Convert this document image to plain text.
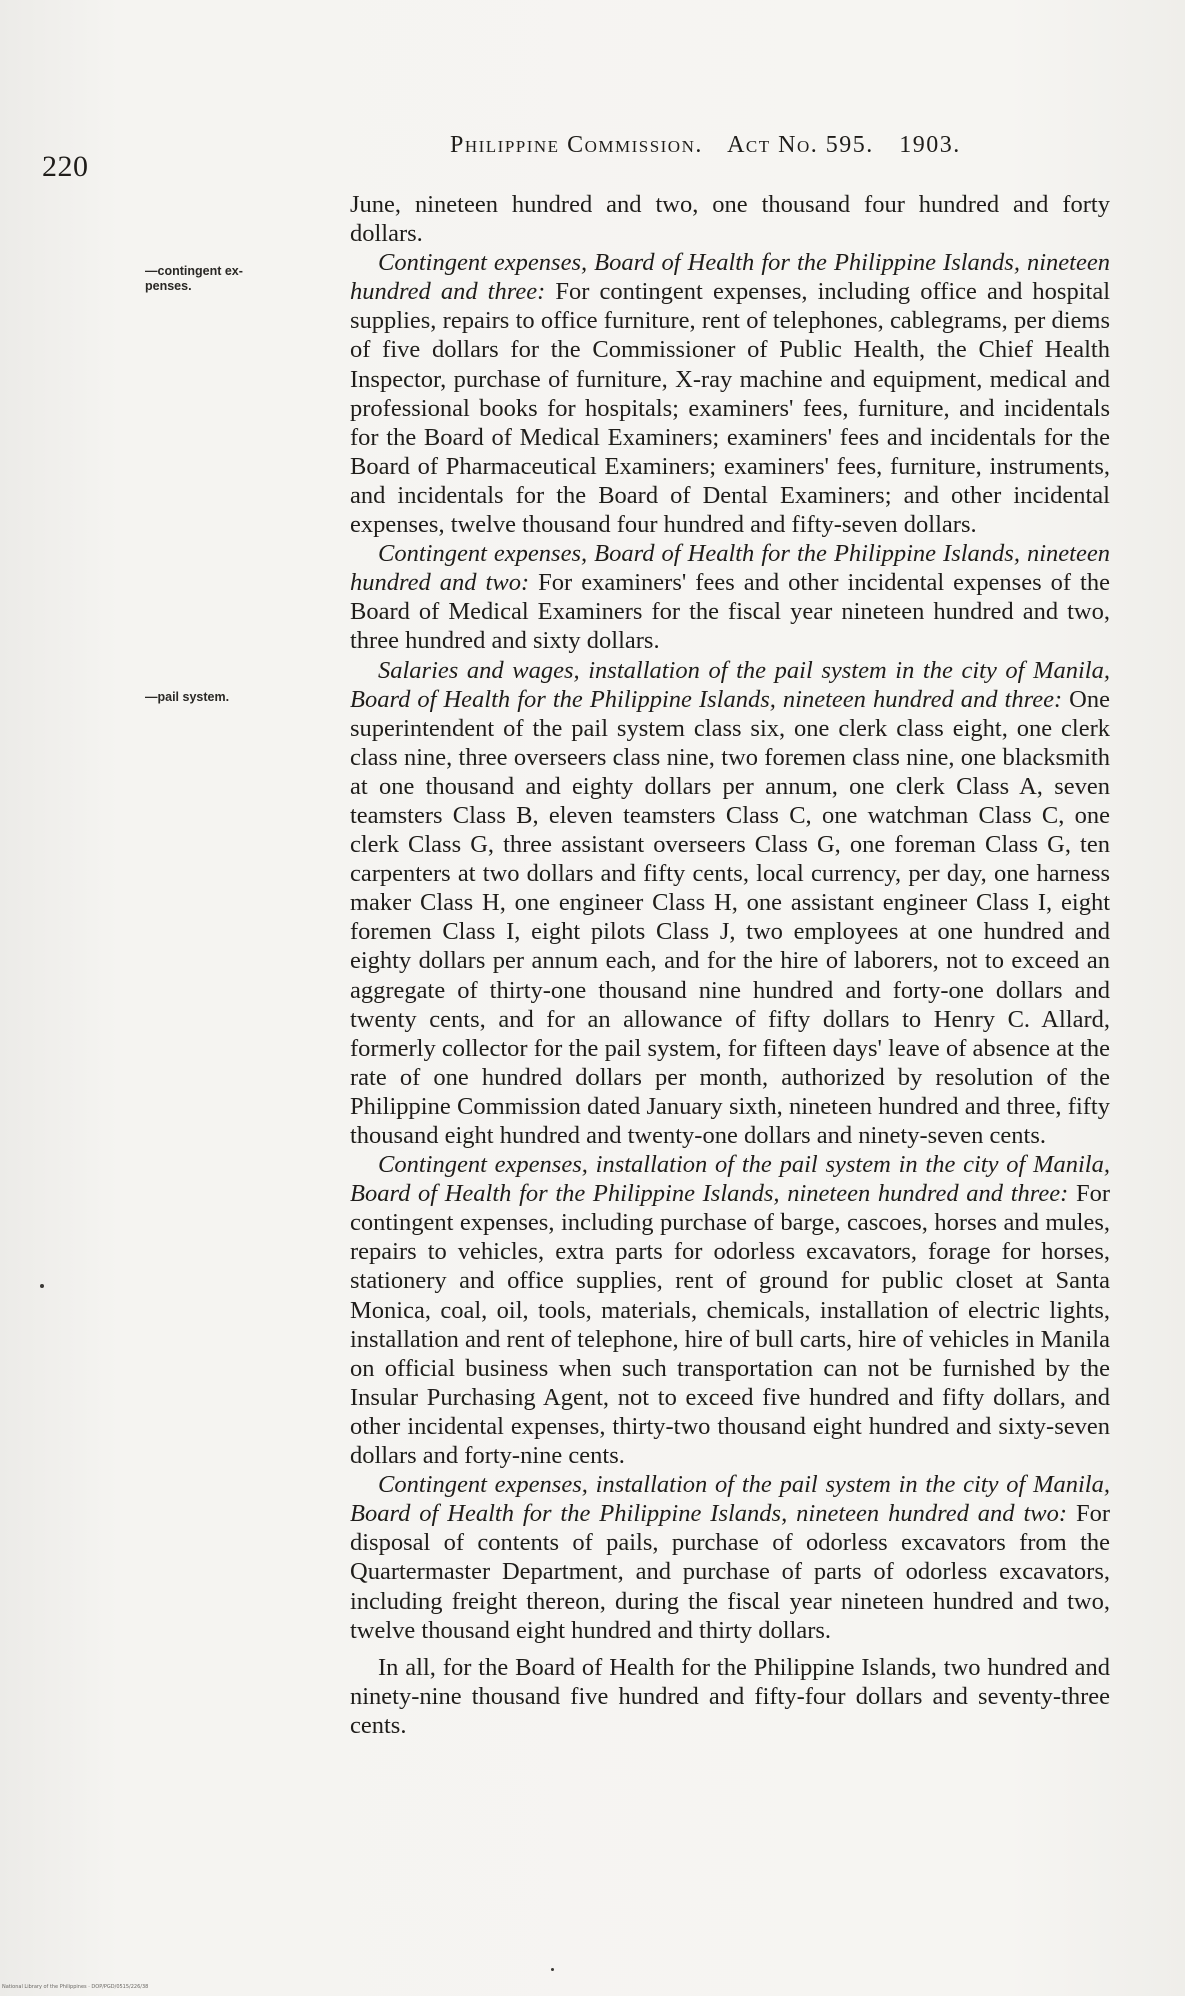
220
Philippine Commission. Act No. 595. 1903.
—contingent ex-
penses.
—pail system.

June, nineteen hundred and two, one thousand four hundred and forty dollars.

Contingent expenses, Board of Health for the Philippine Islands, nineteen hundred and three: For contingent expenses, including office and hospital supplies, repairs to office furniture, rent of telephones, cablegrams, per diems of five dollars for the Commissioner of Public Health, the Chief Health Inspector, purchase of furniture, X-ray machine and equipment, medical and professional books for hospitals; examiners' fees, furniture, and incidentals for the Board of Medical Examiners; examiners' fees and incidentals for the Board of Pharmaceutical Examiners; examiners' fees, furniture, instruments, and incidentals for the Board of Dental Examiners; and other incidental expenses, twelve thousand four hundred and fifty-seven dollars.

Contingent expenses, Board of Health for the Philippine Islands, nineteen hundred and two: For examiners' fees and other incidental expenses of the Board of Medical Examiners for the fiscal year nineteen hundred and two, three hundred and sixty dollars.

Salaries and wages, installation of the pail system in the city of Manila, Board of Health for the Philippine Islands, nineteen hundred and three: One superintendent of the pail system class six, one clerk class eight, one clerk class nine, three overseers class nine, two foremen class nine, one blacksmith at one thousand and eighty dollars per annum, one clerk Class A, seven teamsters Class B, eleven teamsters Class C, one watchman Class C, one clerk Class G, three assistant overseers Class G, one foreman Class G, ten carpenters at two dollars and fifty cents, local currency, per day, one harness maker Class H, one engineer Class H, one assistant engineer Class I, eight foremen Class I, eight pilots Class J, two employees at one hundred and eighty dollars per annum each, and for the hire of laborers, not to exceed an aggregate of thirty-one thousand nine hundred and forty-one dollars and twenty cents, and for an allowance of fifty dollars to Henry C. Allard, formerly collector for the pail system, for fifteen days' leave of absence at the rate of one hundred dollars per month, authorized by resolution of the Philippine Commission dated January sixth, nineteen hundred and three, fifty thousand eight hundred and twenty-one dollars and ninety-seven cents.

Contingent expenses, installation of the pail system in the city of Manila, Board of Health for the Philippine Islands, nineteen hundred and three: For contingent expenses, including purchase of barge, cascoes, horses and mules, repairs to vehicles, extra parts for odorless excavators, forage for horses, stationery and office supplies, rent of ground for public closet at Santa Monica, coal, oil, tools, materials, chemicals, installation of electric lights, installation and rent of telephone, hire of bull carts, hire of vehicles in Manila on official business when such transportation can not be furnished by the Insular Purchasing Agent, not to exceed five hundred and fifty dollars, and other incidental expenses, thirty-two thousand eight hundred and sixty-seven dollars and forty-nine cents.

Contingent expenses, installation of the pail system in the city of Manila, Board of Health for the Philippine Islands, nineteen hundred and two: For disposal of contents of pails, purchase of odorless excavators from the Quartermaster Department, and purchase of parts of odorless excavators, including freight thereon, during the fiscal year nineteen hundred and two, twelve thousand eight hundred and thirty dollars.

In all, for the Board of Health for the Philippine Islands, two hundred and ninety-nine thousand five hundred and fifty-four dollars and seventy-three cents.

National Library of the Philippines · DOP/PGD/0515/226/38
